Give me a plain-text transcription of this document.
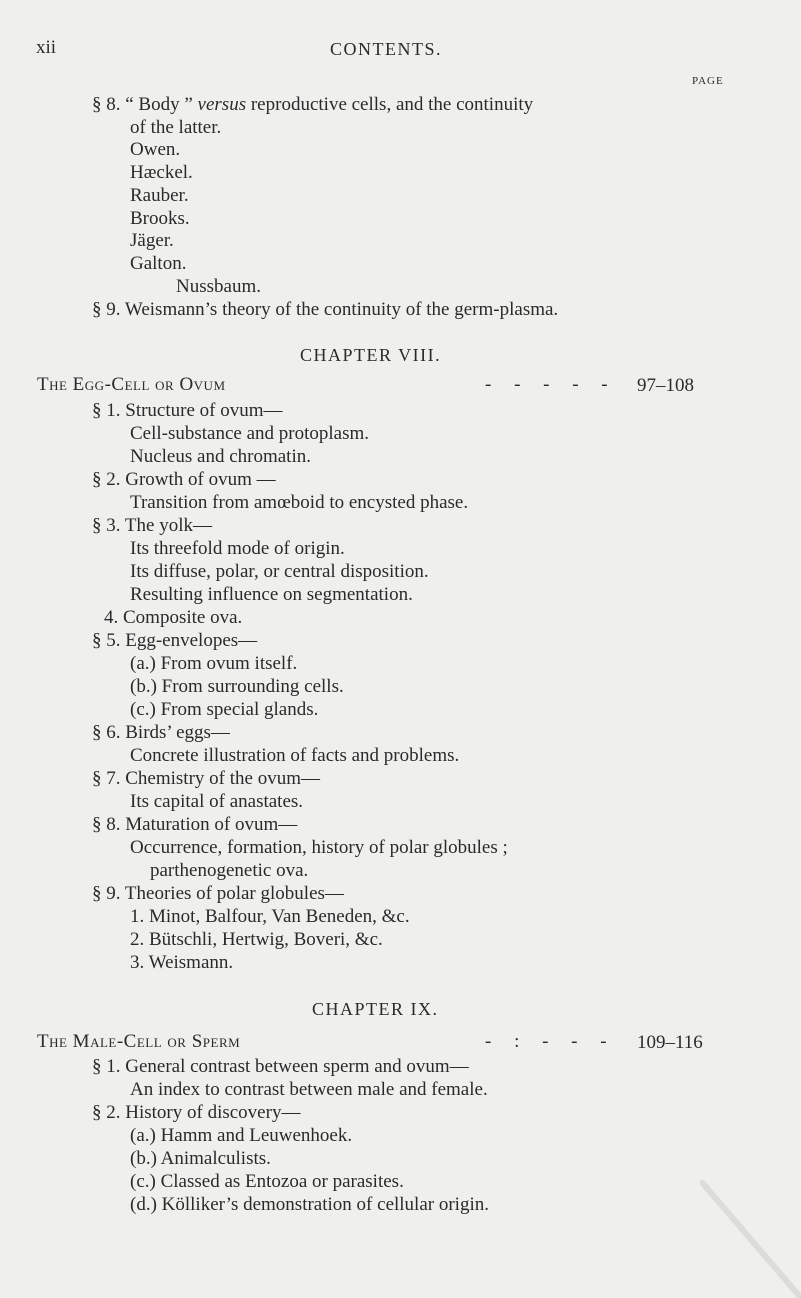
xii	CONTENTS.
PAGE
§ 8. “ Body ” versus reproductive cells, and the continuity
of the latter.
Owen.
Hæckel.
Rauber.
Brooks.
Jäger.
Galton.
Nussbaum.
§ 9. Weismann’s theory of the continuity of the germ-plasma.
CHAPTER VIII.
The Egg-Cell or Ovum	- - - - - 97–108
§ 1. Structure of ovum—
Cell-substance and protoplasm.
Nucleus and chromatin.
§ 2. Growth of ovum —
Transition from amœboid to encysted phase.
§ 3. The yolk—
Its threefold mode of origin.
Its diffuse, polar, or central disposition.
Resulting influence on segmentation.
4. Composite ova.
§ 5. Egg-envelopes—
(a.) From ovum itself.
(b.) From surrounding cells.
(c.) From special glands.
§ 6. Birds’ eggs—
Concrete illustration of facts and problems.
§ 7. Chemistry of the ovum—
Its capital of anastates.
§ 8. Maturation of ovum—
Occurrence, formation, history of polar globules ;
parthenogenetic ova.
§ 9. Theories of polar globules—
1. Minot, Balfour, Van Beneden, &c.
2. Bütschli, Hertwig, Boveri, &c.
3. Weismann.
CHAPTER IX.
The Male-Cell or Sperm	- : - - - 109–116
§ 1. General contrast between sperm and ovum—
An index to contrast between male and female.
§ 2. History of discovery—
(a.) Hamm and Leuwenhoek.
(b.) Animalculists.
(c.) Classed as Entozoa or parasites.
(d.) Kölliker’s demonstration of cellular origin.
